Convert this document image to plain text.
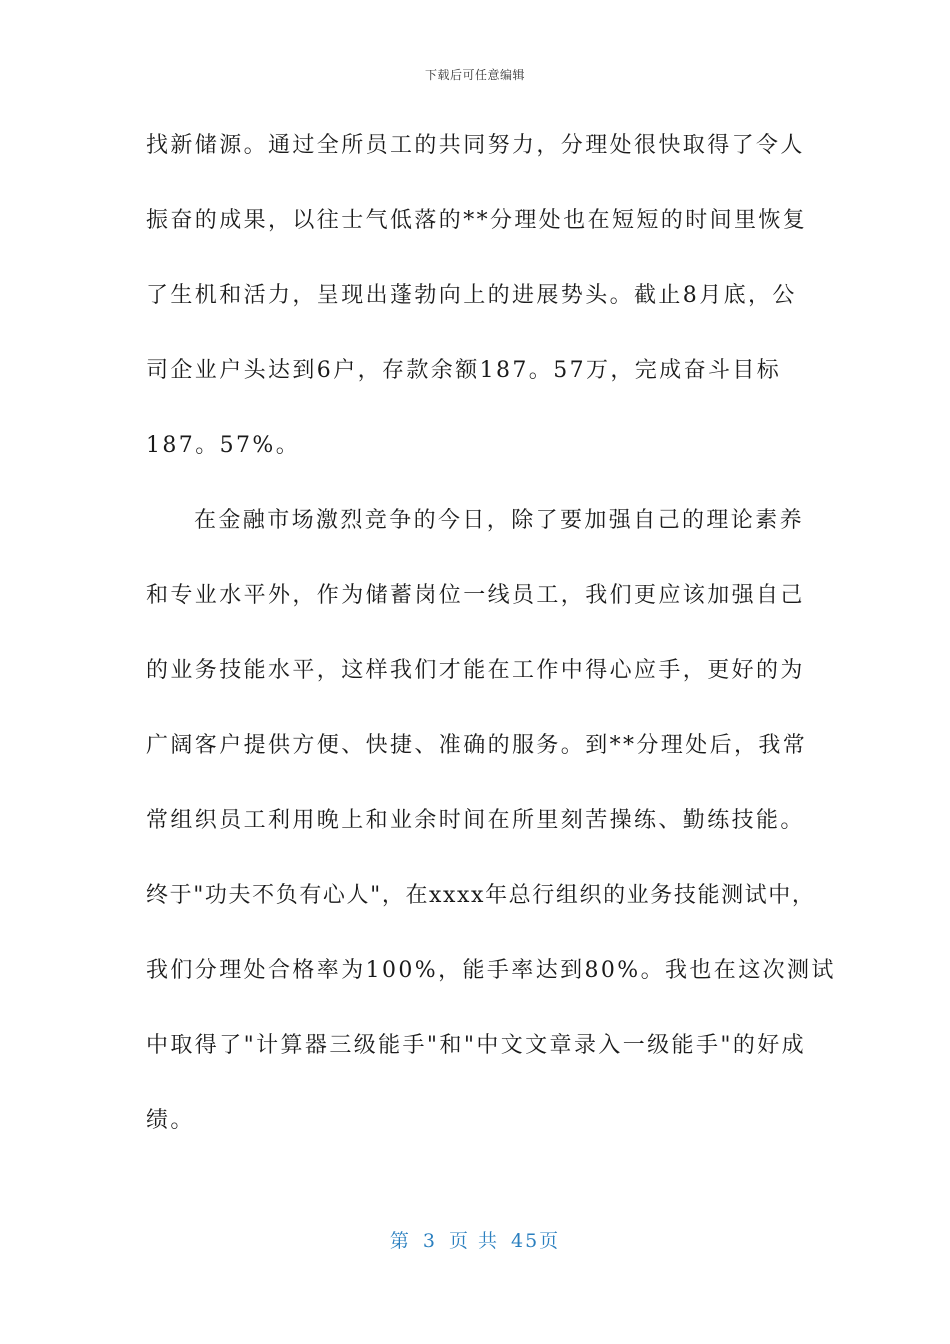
下载后可任意编辑
找新储源。通过全所员工的共同努力，分理处很快取得了令人
振奋的成果，以往士气低落的**分理处也在短短的时间里恢复
了生机和活力，呈现出蓬勃向上的进展势头。截止8月底，公
司企业户头达到6户，存款余额187。57万，完成奋斗目标
187。57%。
在金融市场激烈竞争的今日，除了要加强自己的理论素养
和专业水平外，作为储蓄岗位一线员工，我们更应该加强自己
的业务技能水平，这样我们才能在工作中得心应手，更好的为
广阔客户提供方便、快捷、准确的服务。到**分理处后，我常
常组织员工利用晚上和业余时间在所里刻苦操练、勤练技能。
终于"功夫不负有心人"，在xxxx年总行组织的业务技能测试中，
我们分理处合格率为100%，能手率达到80%。我也在这次测试
中取得了"计算器三级能手"和"中文文章录入一级能手"的好成
绩。
第 3 页 共 45页
